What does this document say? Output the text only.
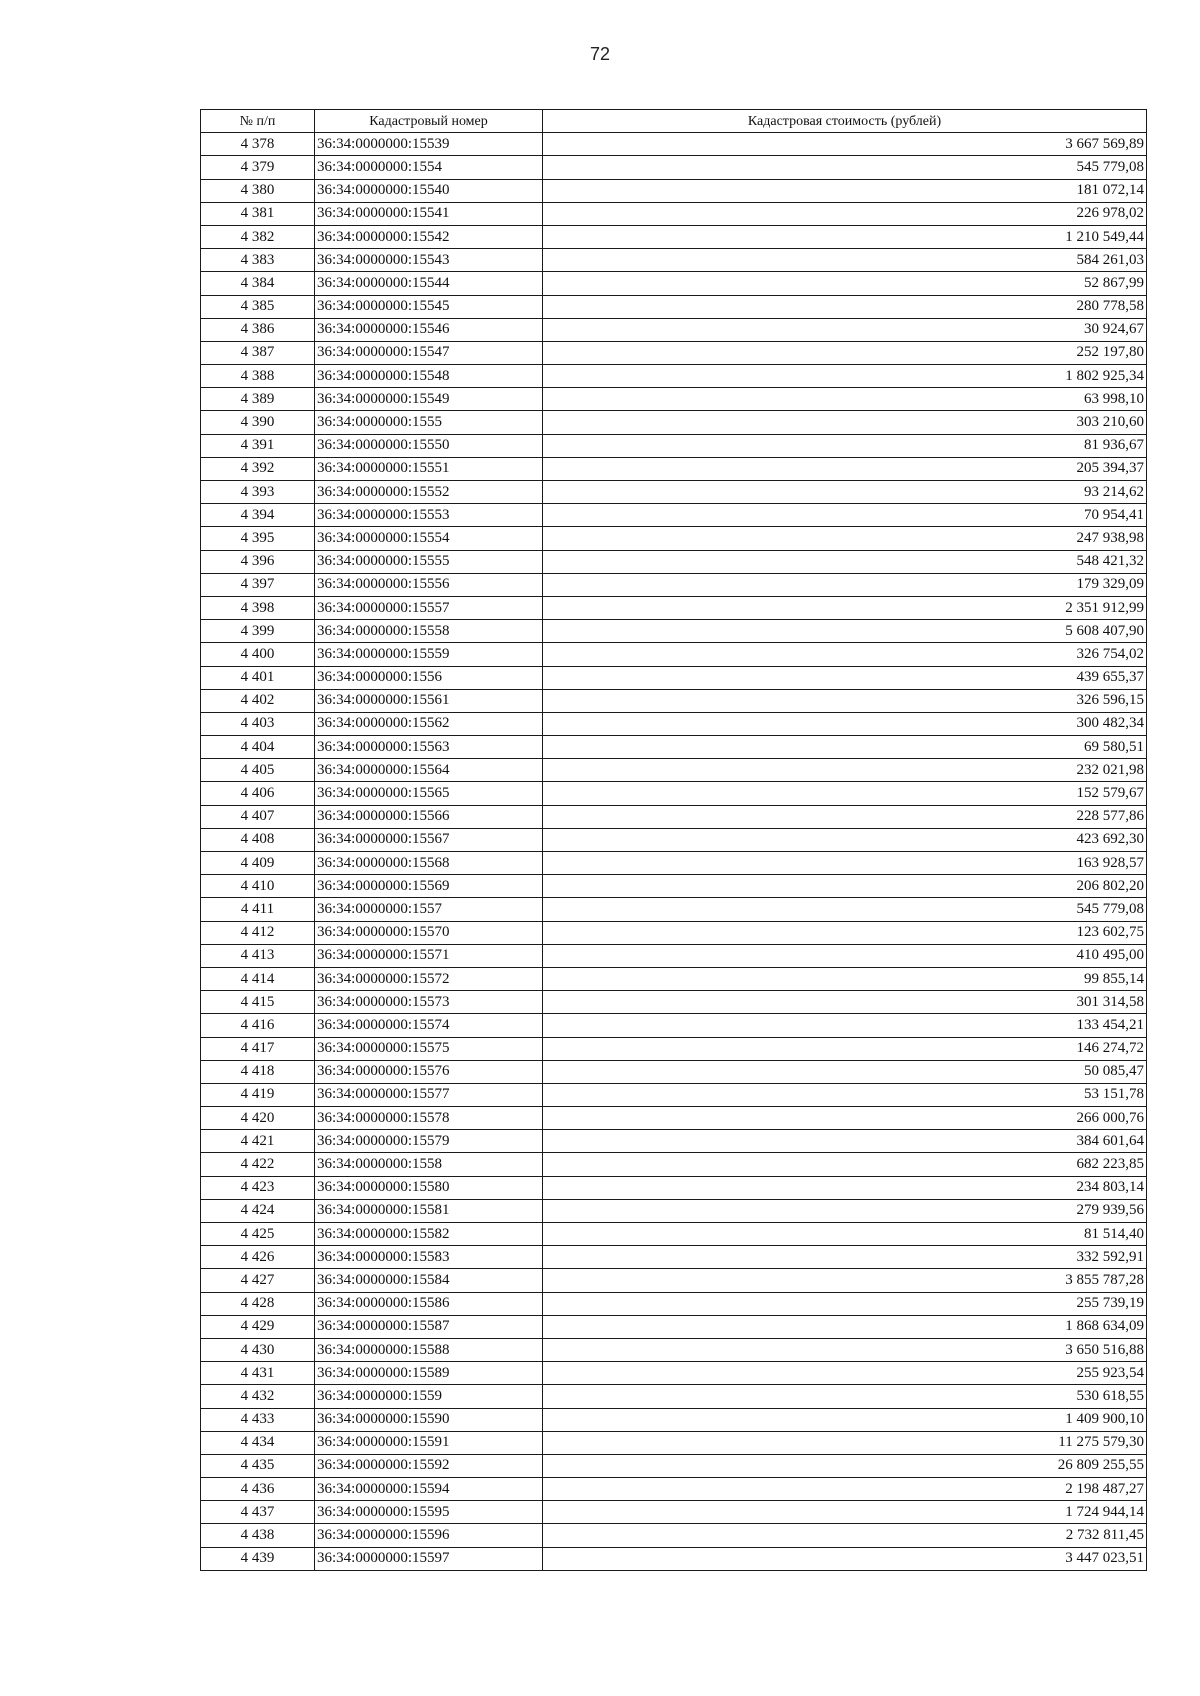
72
№ п/п	Кадастровый номер	Кадастровая стоимость (рублей)
4 378	36:34:0000000:15539	3 667 569,89
4 379	36:34:0000000:1554	545 779,08
4 380	36:34:0000000:15540	181 072,14
4 381	36:34:0000000:15541	226 978,02
4 382	36:34:0000000:15542	1 210 549,44
4 383	36:34:0000000:15543	584 261,03
4 384	36:34:0000000:15544	52 867,99
4 385	36:34:0000000:15545	280 778,58
4 386	36:34:0000000:15546	30 924,67
4 387	36:34:0000000:15547	252 197,80
4 388	36:34:0000000:15548	1 802 925,34
4 389	36:34:0000000:15549	63 998,10
4 390	36:34:0000000:1555	303 210,60
4 391	36:34:0000000:15550	81 936,67
4 392	36:34:0000000:15551	205 394,37
4 393	36:34:0000000:15552	93 214,62
4 394	36:34:0000000:15553	70 954,41
4 395	36:34:0000000:15554	247 938,98
4 396	36:34:0000000:15555	548 421,32
4 397	36:34:0000000:15556	179 329,09
4 398	36:34:0000000:15557	2 351 912,99
4 399	36:34:0000000:15558	5 608 407,90
4 400	36:34:0000000:15559	326 754,02
4 401	36:34:0000000:1556	439 655,37
4 402	36:34:0000000:15561	326 596,15
4 403	36:34:0000000:15562	300 482,34
4 404	36:34:0000000:15563	69 580,51
4 405	36:34:0000000:15564	232 021,98
4 406	36:34:0000000:15565	152 579,67
4 407	36:34:0000000:15566	228 577,86
4 408	36:34:0000000:15567	423 692,30
4 409	36:34:0000000:15568	163 928,57
4 410	36:34:0000000:15569	206 802,20
4 411	36:34:0000000:1557	545 779,08
4 412	36:34:0000000:15570	123 602,75
4 413	36:34:0000000:15571	410 495,00
4 414	36:34:0000000:15572	99 855,14
4 415	36:34:0000000:15573	301 314,58
4 416	36:34:0000000:15574	133 454,21
4 417	36:34:0000000:15575	146 274,72
4 418	36:34:0000000:15576	50 085,47
4 419	36:34:0000000:15577	53 151,78
4 420	36:34:0000000:15578	266 000,76
4 421	36:34:0000000:15579	384 601,64
4 422	36:34:0000000:1558	682 223,85
4 423	36:34:0000000:15580	234 803,14
4 424	36:34:0000000:15581	279 939,56
4 425	36:34:0000000:15582	81 514,40
4 426	36:34:0000000:15583	332 592,91
4 427	36:34:0000000:15584	3 855 787,28
4 428	36:34:0000000:15586	255 739,19
4 429	36:34:0000000:15587	1 868 634,09
4 430	36:34:0000000:15588	3 650 516,88
4 431	36:34:0000000:15589	255 923,54
4 432	36:34:0000000:1559	530 618,55
4 433	36:34:0000000:15590	1 409 900,10
4 434	36:34:0000000:15591	11 275 579,30
4 435	36:34:0000000:15592	26 809 255,55
4 436	36:34:0000000:15594	2 198 487,27
4 437	36:34:0000000:15595	1 724 944,14
4 438	36:34:0000000:15596	2 732 811,45
4 439	36:34:0000000:15597	3 447 023,51
